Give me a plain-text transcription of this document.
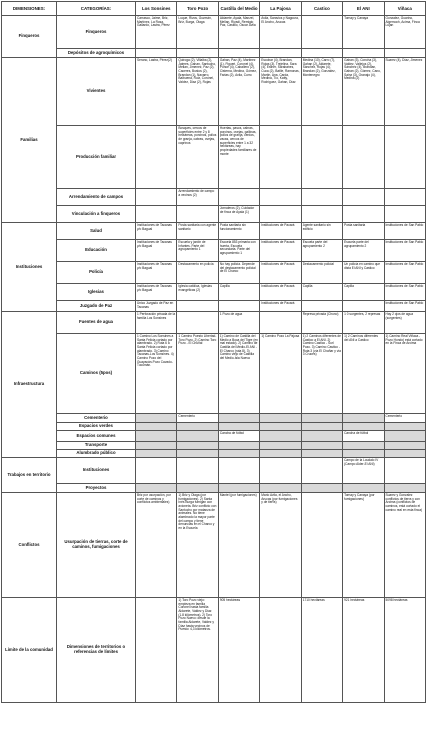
DIMENSIONES:	CATEGORÍAS:	Los Sonsines	Toro Pozo	Castilla del Medio	La Pajosa	Castico	El ANI	Viñaca
Finqueros	Finqueros	Carrasco, Jaime, Briz, Martínez, La Rosa, Gallardo, Lastra, Pérez	Luque, Rizos, Guzmán, Briz, Burga, Olaga	Aldarete, Ayala, Manzel, Mellan, Rivadi, Remigio Paz, Castillo, Oscar Ávila	Avila, Saravios y Nagoura, El Ancho, Arucas		Tornay y Canaya	Gonzalez, Guarino, Algemoch, Acima, Finca Lujan
	Depósitos de agroquímicos							
Familias	Vivientes	Serano, Lastra, Pérez(2)	Quiroga (2), Villalba (2), Jaimes, Gahan, Santucho, Mellan, Jimenez, Paz (2), Caceres, Bustos (2), Brandan (1), Navarro, Balbuena, Ruiz, Coronel, Valdez, Diaz (2), Rojas	Gahan, Paz (4), Martinez (1), Figueri, Coronel (4), Ponce (4), Caballero (2), Cisterna, Medina, Gómez, Farias (2), Avila, Curro	Escobar (4), Brandan, Rojas (3), Trejelina, Sara (4), Esther, Sarabanes, Cuca (2), Batlle, Ramonas, Martín, Ana, Carda, Medina, Tío, Katty, Rodríguez, Gahan, Díaz	Medina (10), Carro (7), Gahan (2), Aldarete, Sánchez, Rojas (4), Brandan (2), Gonzalez, Montenegro	Gahan (3), Concha (3), Valdez, Vallejos (2), Sánchez (4), Brandan, Gahan (2), Gómez, Cano, Sainz (3), Granajo (4), Medina (2)	Suarez (4), Díaz, Jimenez
	Producción familiar		Bosques, cercos de superficies entre 2 y 8 hectáreas, porcinos, pollos de granja, cabras, ovejas, caprinos	Huertas, pasos, cabras, porcinos, ovejas, gallinas, pollos de granja, cerdos, vacas, cercos de superficies entre 1 a 32 hectáreas, hay propiedades familiares de monte				
	Arrendamiento de campos		Arrendamiento de campo a vecinos (2)					
	Vinculación a finqueros			Jornaleros (2), Cuidador de finca de Ayala (1)				
Instituciones	Salud	Instituciones de Tacanas y/o Bagual	Posta sanitaria con agente sanitario	Posta sanitaria sin funcionamiento	Instituciones de Pacará	Agente sanitario sin edificio	Posta sanitaria	Instituciones de San Pablo
	Educación	Instituciones de Tacanas y/o Bagual	Escuela y jardín de Infantes. Parte del agrupamiento 1	Escuela 853 primaria con huerta. Escuela secundaria. Parte del agrupamiento 1	Instituciones de Pacará	Escuela parte del agrupamiento 2	Escuela parte del agrupamiento 2	Instituciones de San Pablo
	Policía	Instituciones de Tacanas y/o Bagual	Destacamento en policía	No hay policía. Depende del destacamento policial de El Charco	Instituciones de Pacará	Destacamento policial	Un policía en camino que dista El ANI y Castico	Instituciones de San Pablo
	Iglesias	Instituciones de Tacanas y/o Bagual	Iglesia católica, Iglesias evangélicas (2)	Capilla	Instituciones de Pacará	Capilla	Capilla	Instituciones de San Pablo
	Juzgado de Paz	Único Juzgado de Paz en Tacanas			Instituciones de Pacará			Instituciones de San Pablo
Infraestructura	Fuentes de agua	1 Perforación privada de la familia Los Sonsines		1 Pozo de agua		Represa privada (Chuno)	1 0 surgentes, 2 represas	Hay 2 ojos de agua (surgentes)
	Caminos (5pos)	1 Camino Los Sonsines a Santa Felicia cortado por alambrado. 2) Ruta 6 a Santa Felicia cortado por alambrado. 3) Camino Tacanas-Los Sonsines. 4) Camino Pozo del Guayacán-Pozo Cavado-Tucumán.	1 Camino Puesto Libertad-Toro Pozo. 2) Camino Toro Pozo - El Chuñal	1) Camino de Castilla del Medio a Boca del Tigre (en mal estado). 2) Camino de Castilla del Medio-El ANI - El Charco (ruta 8). 3) Camino viejo de Castilla del Medio-Isla Nueva	1) Camino Pozo La Pajosa	1) 2 Caminos diferentes de Castico a El ANI. 2) Camino Castico - Surl Pozo. 3) Camino Castico - Ruta 3 (vía El Chañar y vía 3 Cruces)	1) 2 Caminos diferentes del ANI a Castico	1) Camino Real Viñaca - Pozo Hondo) está cortado en la Finca de Arcima
	Cementerio		Cementerio					Cementerio
	Espacios verdes							
	Espacios comunes			Cancha de fútbol			Cancha de fútbol	
	Transporte							
	Alumbrado público							
Trabajos en territorio	Instituciones						Campo de la Loudalo IV (Campo Alder-El ANI)	
	Proyectos							
Conflictos	Usurpación de tierras, corte de caminos, fumigaciones	Briz por usurpación, por corte de caminos y conflictos ambientales)	1) Briz y Olaga (por fumigaciones). 2) Santa Inés Burga fumigan con avioneta. Briz conflicto con Santucho por matanza de animales. No tiene alambrado la mayor parte del campo y tiene denuncias en el Charco y en la Escuela	Mantel (por fumigaciones)	Mario Avila, el Ancho, Arucas (por fumigaciones y de tierra)		Tornay y Canaya (por fumigaciones)	Suarez y Gonzalez conflictos de tierra y con Arcima (conflictos de caminos, está cortado el camino real en esta finca)
Límite de la comunidad	Dimensiones de territorios o referencias de límites		1) Toro Pozo viejo: empieza en familia Coronel hasta familia Aldarete, Valdez y Díaz (1.8 kilómetros). 2) Toro Pozo Nuevo: desde la familia Aldarete, Valdez y Díaz hasta vecinos de Puesto: 4,3 kilómetros.	905 hectáreas		1710 hectáreas	921 hectáreas	5098 hectáreas
